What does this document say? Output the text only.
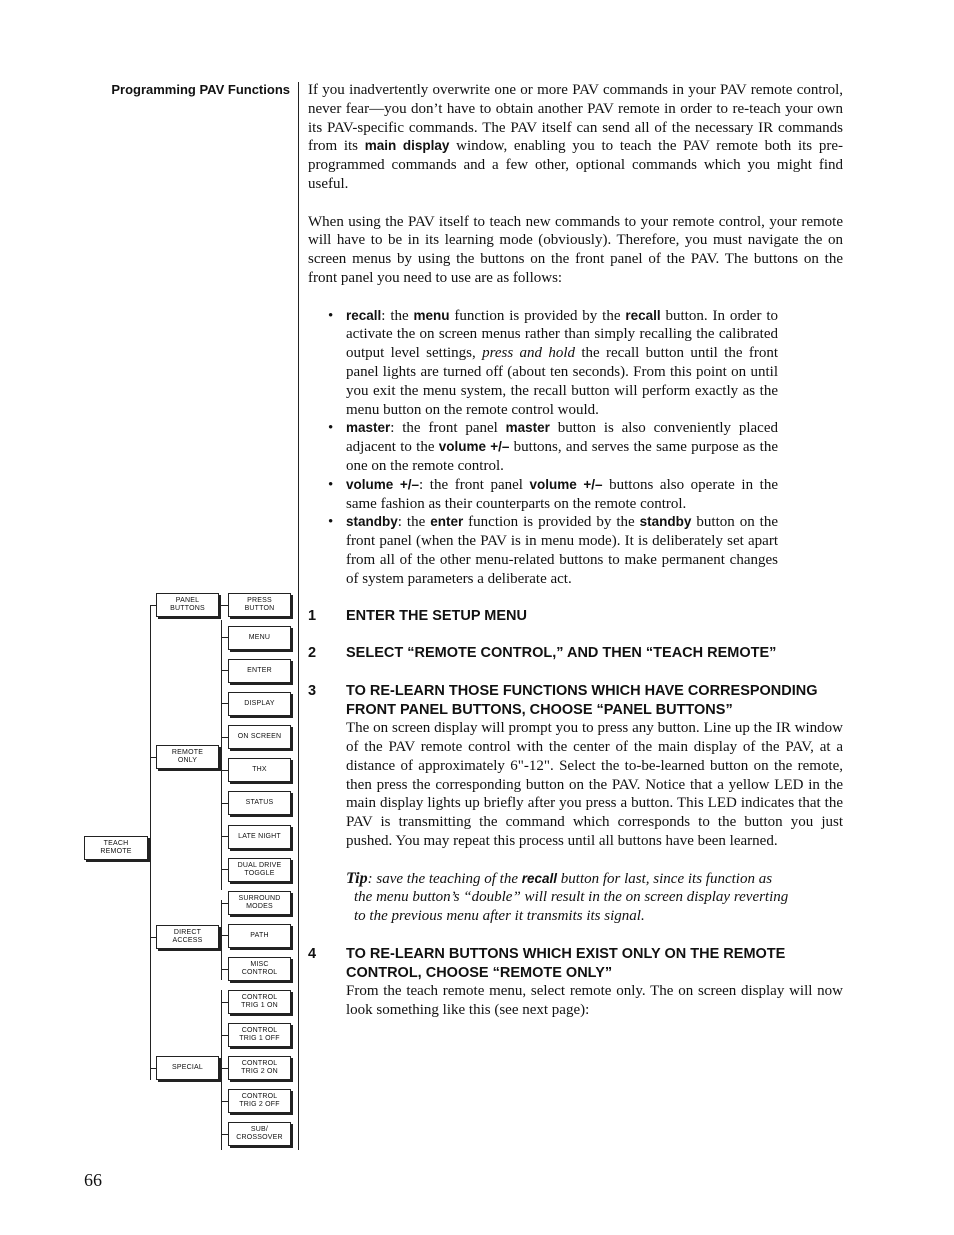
Programming PAV Functions If you inadvertently overwrite one or more PAV commands in your PAV remote control, never fear—you don’t have to obtain another PAV remote in order to re-teach your own its PAV-specific commands. The PAV itself can send all of the necessary IR commands from its main display window, enabling you to teach the PAV remote both its pre-programmed commands and a few other, optional commands which you might find useful.

When using the PAV itself to teach new commands to your remote control, your remote will have to be in its learning mode (obviously). Therefore, you must navigate the on screen menus by using the buttons on the front panel of the PAV. The buttons on the front panel you need to use are as follows:

• recall: the menu function is provided by the recall button. In order to activate the on screen menus rather than simply recalling the calibrated output level settings, press and hold the recall button until the front panel lights are turned off (about ten seconds). From this point on until you exit the menu system, the recall button will perform exactly as the menu button on the remote control would.
• master: the front panel master button is also conveniently placed adjacent to the volume +/– buttons, and serves the same purpose as the one on the remote control.
• volume +/–: the front panel volume +/– buttons also operate in the same fashion as their counterparts on the remote control.
• standby: the enter function is provided by the standby button on the front panel (when the PAV is in menu mode). It is deliberately set apart from all of the other menu-related buttons to make permanent changes of system parameters a deliberate act.
1 ENTER THE SETUP MENU
2 SELECT “REMOTE CONTROL,” AND THEN “TEACH REMOTE”
3 TO RE-LEARN THOSE FUNCTIONS WHICH HAVE CORRESPONDING FRONT PANEL BUTTONS, CHOOSE “PANEL BUTTONS”
The on screen display will prompt you to press any button. Line up the IR window of the PAV remote control with the center of the main display of the PAV, at a distance of approximately 6"-12". Select the to-be-learned button on the remote, then press the corresponding button on the PAV. Notice that a yellow LED in the main display lights up briefly after you press a button. This LED indicates that the PAV is transmitting the command which corresponds to the button you just pushed. You may repeat this process until all buttons have been learned.
Tip: save the teaching of the recall button for last, since its function as the menu button’s “double” will result in the on screen display reverting to the previous menu after it transmits its signal.
4 TO RE-LEARN BUTTONS WHICH EXIST ONLY ON THE REMOTE CONTROL, CHOOSE “REMOTE ONLY”
From the teach remote menu, select remote only. The on screen display will now look something like this (see next page):
TEACH
REMOTE
PANEL
BUTTONS
REMOTE
ONLY
DIRECT
ACCESS
SPECIAL
PRESS
BUTTON
MENU
ENTER
DISPLAY
ON SCREEN
THX
STATUS
LATE NIGHT
DUAL DRIVE
TOGGLE
SURROUND
MODES
PATH
MISC
CONTROL
CONTROL
TRIG 1 ON
CONTROL
TRIG 1 OFF
CONTROL
TRIG 2 ON
CONTROL
TRIG 2 OFF
SUB/
CROSSOVER
66
